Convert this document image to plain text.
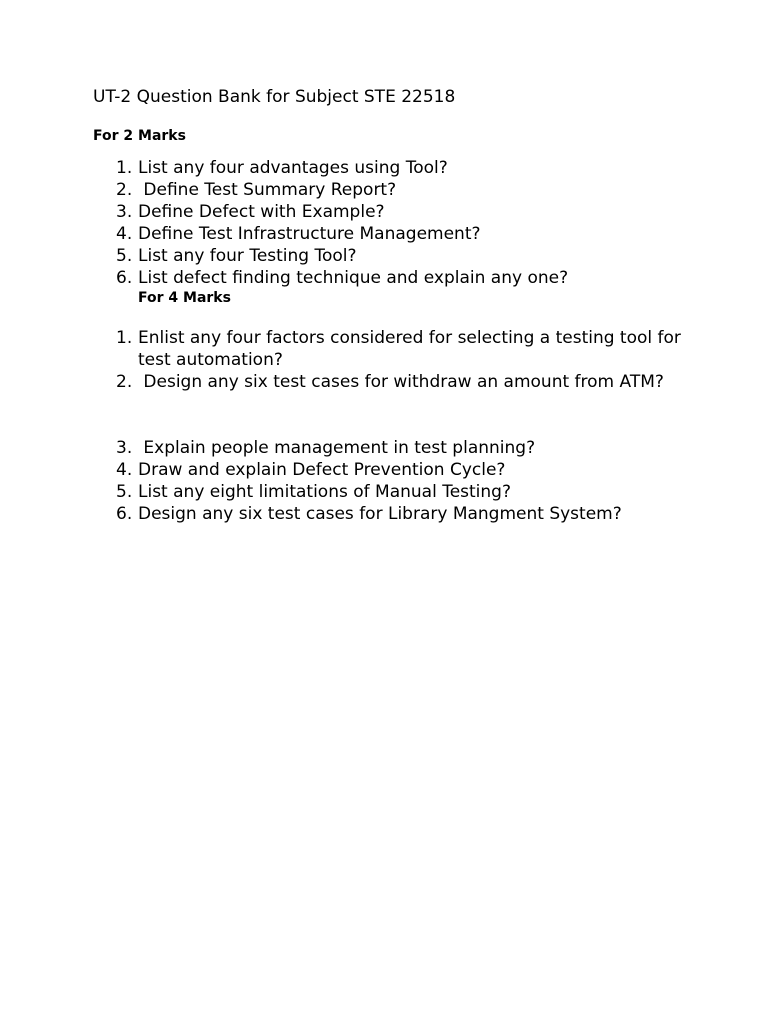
UT-2 Question Bank for Subject STE 22518
For 2 Marks
1. List any four advantages using Tool?
2. Define Test Summary Report?
3. Define Defect with Example?
4. Define Test Infrastructure Management?
5. List any four Testing Tool?
6. List defect finding technique and explain any one?
For 4 Marks
1. Enlist any four factors considered for selecting a testing tool for test automation?
2. Design any six test cases for withdraw an amount from ATM?
3. Explain people management in test planning?
4. Draw and explain Defect Prevention Cycle?
5. List any eight limitations of Manual Testing?
6. Design any six test cases for Library Mangment System?
